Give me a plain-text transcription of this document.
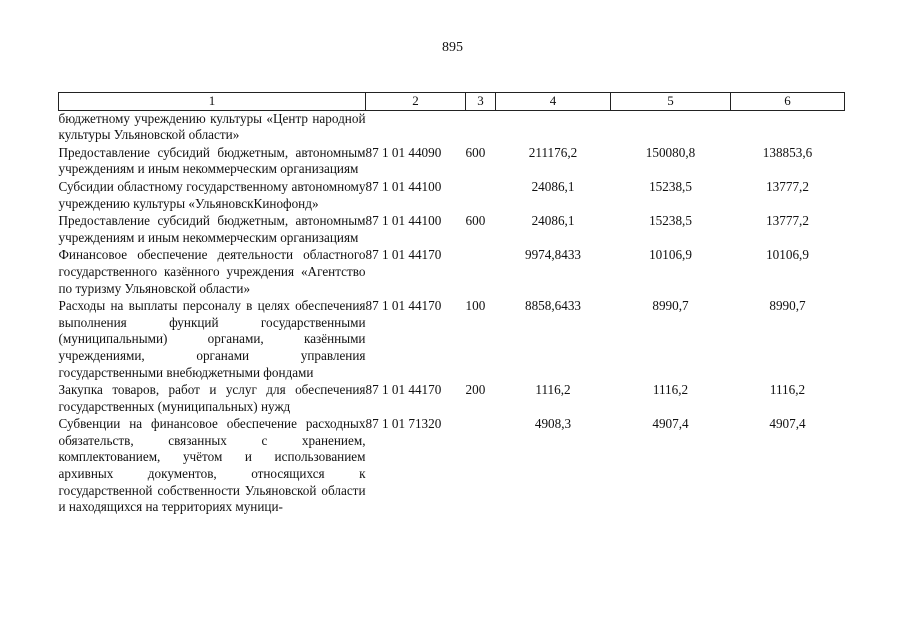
895
1	2	3	4	5	6
бюджетному учреждению культуры «Центр народной культуры Ульяновской области»					
Предоставление субсидий бюджетным, автономным учреждениям и иным некоммерческим организациям	87 1 01 44090	600	211176,2	150080,8	138853,6
Субсидии областному государственному автономному учреждению культуры «УльяновскКинофонд»	87 1 01 44100		24086,1	15238,5	13777,2
Предоставление субсидий бюджетным, автономным учреждениям и иным некоммерческим организациям	87 1 01 44100	600	24086,1	15238,5	13777,2
Финансовое обеспечение деятельности областного государственного казённого учреждения «Агентство по туризму Ульяновской области»	87 1 01 44170		9974,8433	10106,9	10106,9
Расходы на выплаты персоналу в целях обеспечения выполнения функций государственными (муниципальными) органами, казёнными учреждениями, органами управления государственными внебюджетными фондами	87 1 01 44170	100	8858,6433	8990,7	8990,7
Закупка товаров, работ и услуг для обеспечения государственных (муниципальных) нужд	87 1 01 44170	200	1116,2	1116,2	1116,2
Субвенции на финансовое обеспечение расходных обязательств, связанных с хранением, комплектованием, учётом и использованием архивных документов, относящихся к государственной собственности Ульяновской области и находящихся на территориях муници-	87 1 01 71320		4908,3	4907,4	4907,4
